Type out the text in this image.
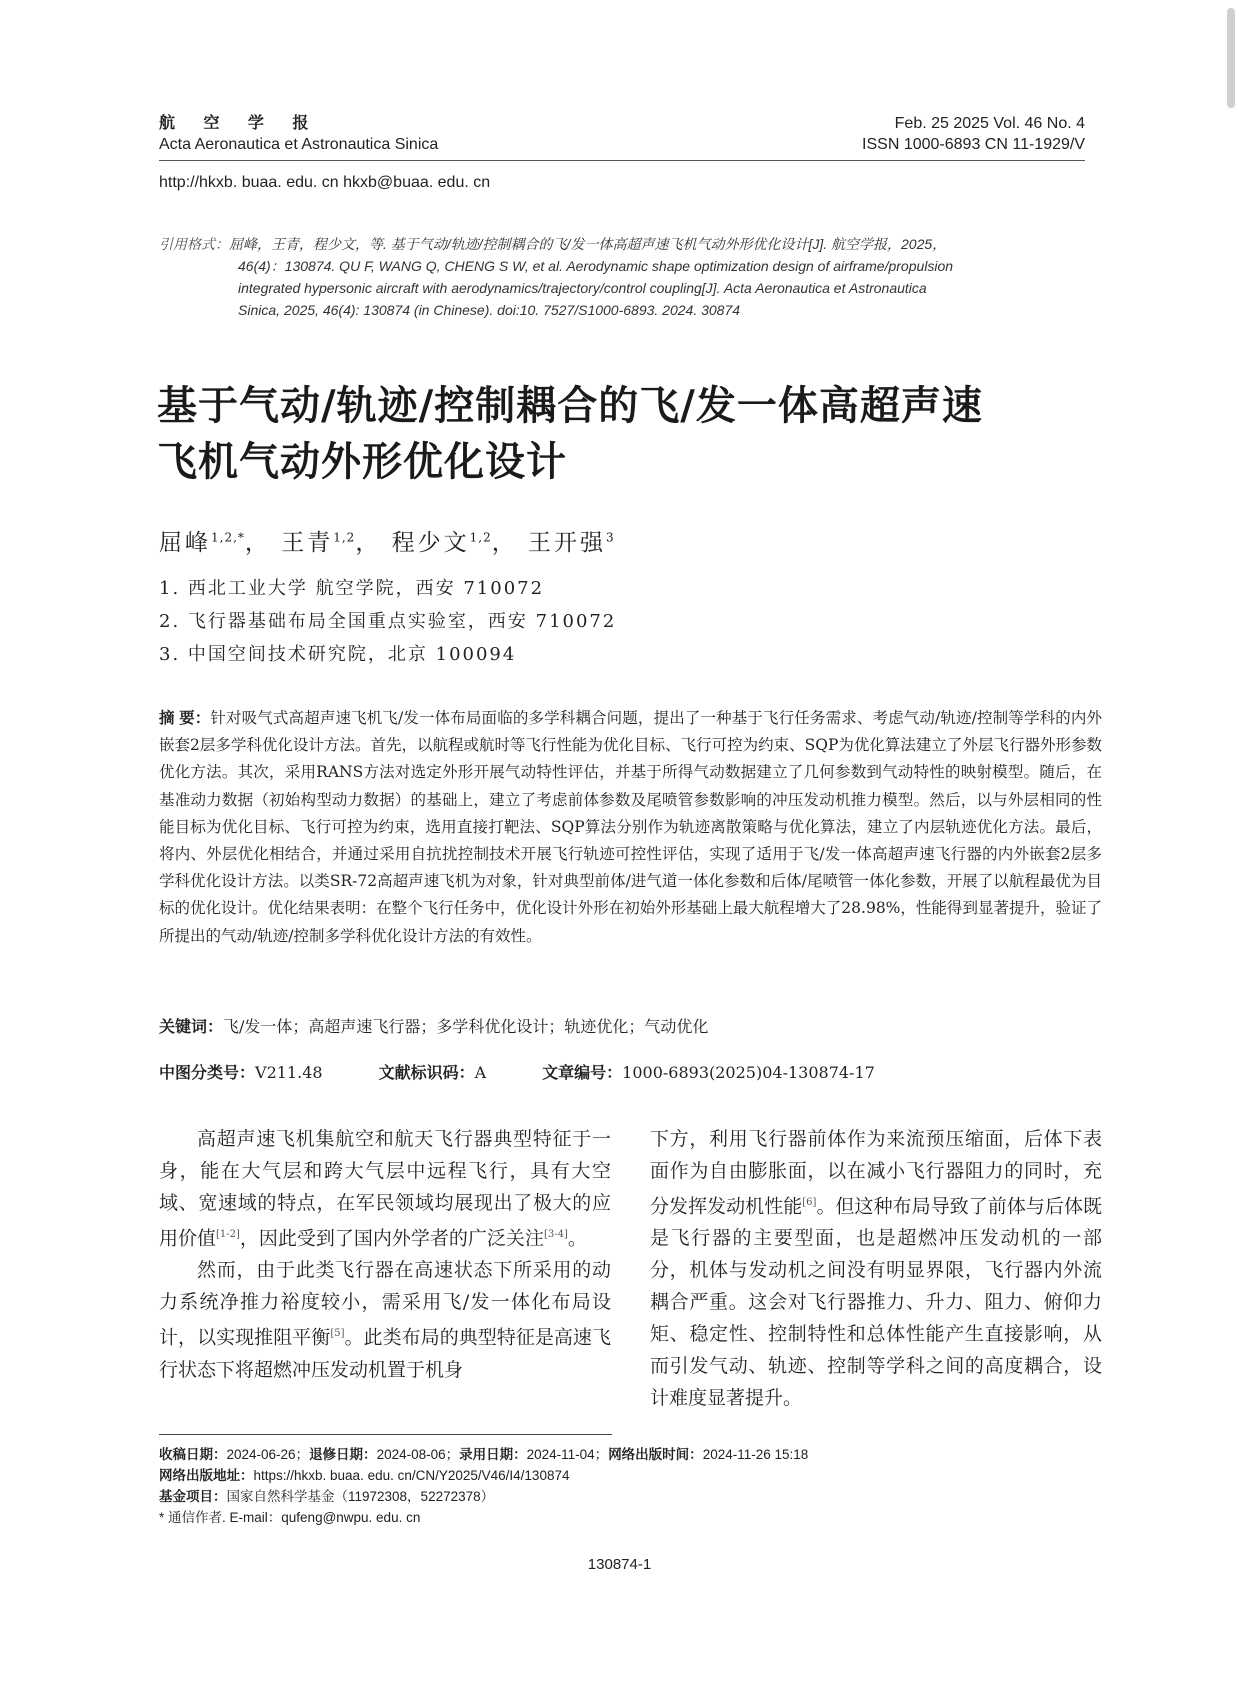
航 空 学 报
Acta Aeronautica et Astronautica Sinica
Feb. 25 2025 Vol. 46 No. 4
ISSN 1000-6893 CN 11-1929/V
http://hkxb. buaa. edu. cn hkxb@buaa. edu. cn

引用格式：屈峰，王青，程少文，等. 基于气动/轨迹/控制耦合的飞/发一体高超声速飞机气动外形优化设计[J]. 航空学报，2025，

46(4)：130874. QU F, WANG Q, CHENG S W, et al. Aerodynamic shape optimization design of airframe/propulsion

integrated hypersonic aircraft with aerodynamics/trajectory/control coupling[J]. Acta Aeronautica et Astronautica

Sinica, 2025, 46(4): 130874 (in Chinese). doi:10. 7527/S1000-6893. 2024. 30874

基于气动/轨迹/控制耦合的飞/发一体高超声速
飞机气动外形优化设计
屈峰$^{1,2,*}$， 王青$^{1,2}$， 程少文$^{1,2}$， 王开强$^3$
1. 西北工业大学 航空学院，西安 710072
2. 飞行器基础布局全国重点实验室，西安 710072
3. 中国空间技术研究院，北京 100094
摘 要：针对吸气式高超声速飞机飞/发一体布局面临的多学科耦合问题，提出了一种基于飞行任务需求、考虑气动/轨迹/控制等学科的内外嵌套2层多学科优化设计方法。首先，以航程或航时等飞行性能为优化目标、飞行可控为约束、SQP为优化算法建立了外层飞行器外形参数优化方法。其次，采用RANS方法对选定外形开展气动特性评估，并基于所得气动数据建立了几何参数到气动特性的映射模型。随后，在基准动力数据（初始构型动力数据）的基础上，建立了考虑前体参数及尾喷管参数影响的冲压发动机推力模型。然后，以与外层相同的性能目标为优化目标、飞行可控为约束，选用直接打靶法、SQP算法分别作为轨迹离散策略与优化算法，建立了内层轨迹优化方法。最后，将内、外层优化相结合，并通过采用自抗扰控制技术开展飞行轨迹可控性评估，实现了适用于飞/发一体高超声速飞行器的内外嵌套2层多学科优化设计方法。以类SR-72高超声速飞机为对象，针对典型前体/进气道一体化参数和后体/尾喷管一体化参数，开展了以航程最优为目标的优化设计。优化结果表明：在整个飞行任务中，优化设计外形在初始外形基础上最大航程增大了28.98%，性能得到显著提升，验证了所提出的气动/轨迹/控制多学科优化设计方法的有效性。
关键词：飞/发一体；高超声速飞行器；多学科优化设计；轨迹优化；气动优化
中图分类号：V211.48	文献标识码：A	文章编号：1000-6893(2025)04-130874-17

高超声速飞机集航空和航天飞行器典型特征于一身，能在大气层和跨大气层中远程飞行，具有大空域、宽速域的特点，在军民领域均展现出了极大的应用价值[1-2]，因此受到了国内外学者的广泛关注[3-4]。

然而，由于此类飞行器在高速状态下所采用的动力系统净推力裕度较小，需采用飞/发一体化布局设计，以实现推阻平衡[5]。此类布局的典型特征是高速飞行状态下将超燃冲压发动机置于机身

下方，利用飞行器前体作为来流预压缩面，后体下表面作为自由膨胀面，以在减小飞行器阻力的同时，充分发挥发动机性能[6]。但这种布局导致了前体与后体既是飞行器的主要型面，也是超燃冲压发动机的一部分，机体与发动机之间没有明显界限，飞行器内外流耦合严重。这会对飞行器推力、升力、阻力、俯仰力矩、稳定性、控制特性和总体性能产生直接影响，从而引发气动、轨迹、控制等学科之间的高度耦合，设计难度显著提升。

收稿日期：2024-06-26；退修日期：2024-08-06；录用日期：2024-11-04；网络出版时间：2024-11-26 15:18
网络出版地址：https://hkxb. buaa. edu. cn/CN/Y2025/V46/I4/130874
基金项目：国家自然科学基金（11972308，52272378）
* 通信作者. E-mail：qufeng@nwpu. edu. cn
130874-1
